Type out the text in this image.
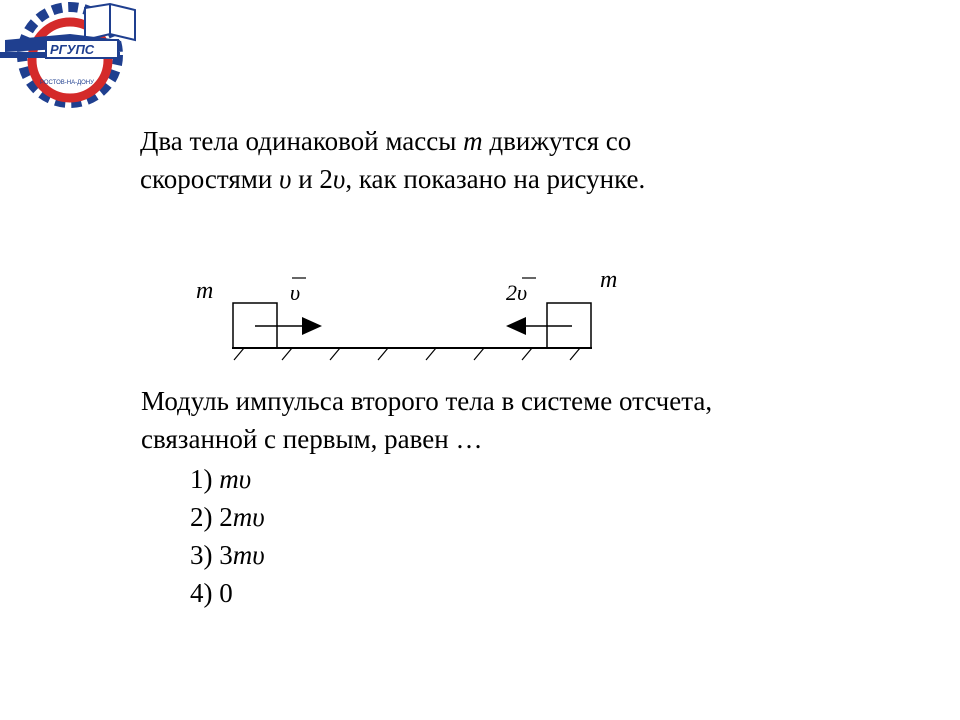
РГУПС
РОСТОВ-НА-ДОНУ
Два тела одинаковой массы m движутся со
скоростями υ и 2υ, как показано на рисунке.
m	m
υ	2υ
Модуль импульса второго тела в системе отсчета,
связанной с первым, равен …
1) mυ
2) 2mυ
3) 3mυ
4) 0
